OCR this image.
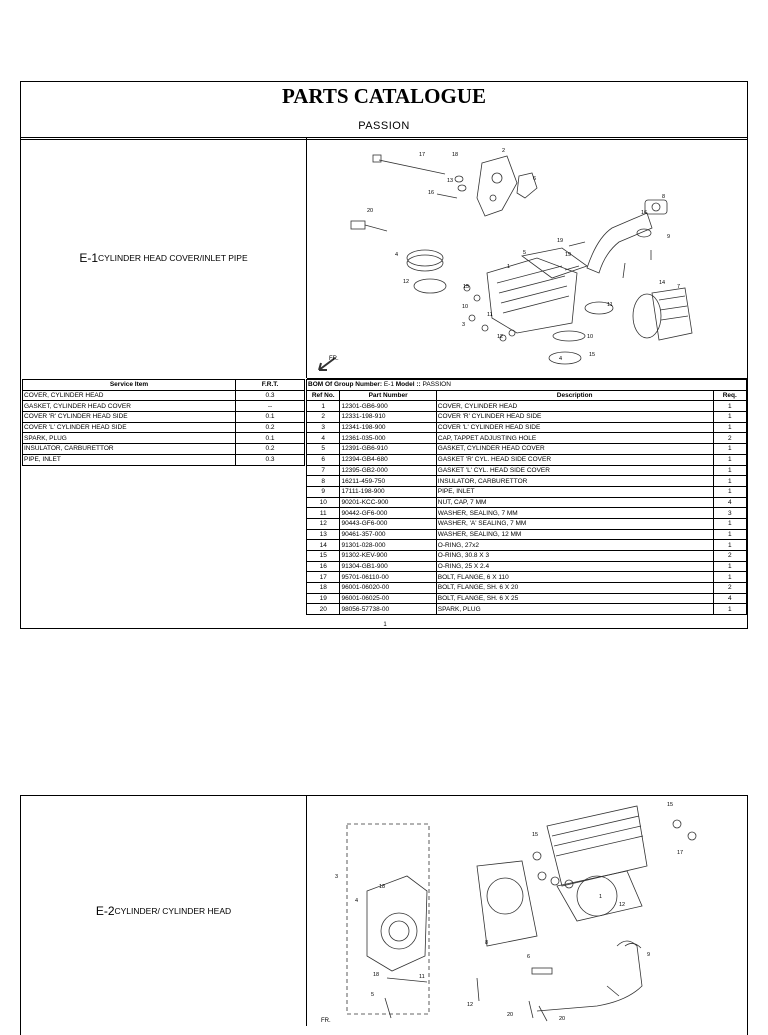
PARTS CATALOGUE
PASSION
E-1 CYLINDER HEAD COVER/INLET PIPE
17	18
2
13	6
16
20
8
16
9
4
19
5
1
19
12
15
10
11
11
14
7
3
12	10
15
4
FR.
Service Item	F.R.T.
COVER, CYLINDER HEAD	0.3
GASKET, CYLINDER HEAD COVER	--
COVER 'R' CYLINDER HEAD SIDE	0.1
COVER 'L' CYLINDER HEAD SIDE	0.2
SPARK, PLUG	0.1
INSULATOR, CARBURETTOR	0.2
PIPE, INLET	0.3
BOM Of Group Number: E-1 Model :: PASSION			
Ref No.	Part Number	Description	Req.
1	12301-GB6-900	COVER, CYLINDER HEAD	1
2	12331-198-910	COVER 'R' CYLINDER HEAD SIDE	1
3	12341-198-900	COVER 'L' CYLINDER HEAD SIDE	1
4	12361-035-000	CAP, TAPPET ADJUSTING HOLE	2
5	12391-GB6-910	GASKET, CYLINDER HEAD COVER	1
6	12394-GB4-680	GASKET 'R' CYL. HEAD SIDE COVER	1
7	12395-GB2-000	GASKET 'L' CYL. HEAD SIDE COVER	1
8	16211-459-750	INSULATOR, CARBURETTOR	1
9	17111-198-900	PIPE, INLET	1
10	90201-KCC-900	NUT, CAP, 7 MM	4
11	90442-GF6-000	WASHER, SEALING, 7 MM	3
12	90443-GF6-000	WASHER, 'A' SEALING, 7 MM	1
13	90461-357-000	WASHER, SEALING, 12 MM	1
14	91301-028-000	O-RING, 27x2	1
15	91302-KEV-900	O-RING, 30.8 X 3	2
16	91304-GB1-900	O-RING, 25 X 2.4	1
17	95701-06110-00	BOLT, FLANGE, 6 X 110	1
18	96001-06020-00	BOLT, FLANGE, SH. 6 X 20	2
19	96001-06025-00	BOLT, FLANGE, SH. 6 X 25	4
20	98056-57738-00	SPARK, PLUG	1
1
E-2 CYLINDER/ CYLINDER HEAD
15
15
17
3
18
4
6
8
1
12
9
18	11
5
12
20
20
FR.
